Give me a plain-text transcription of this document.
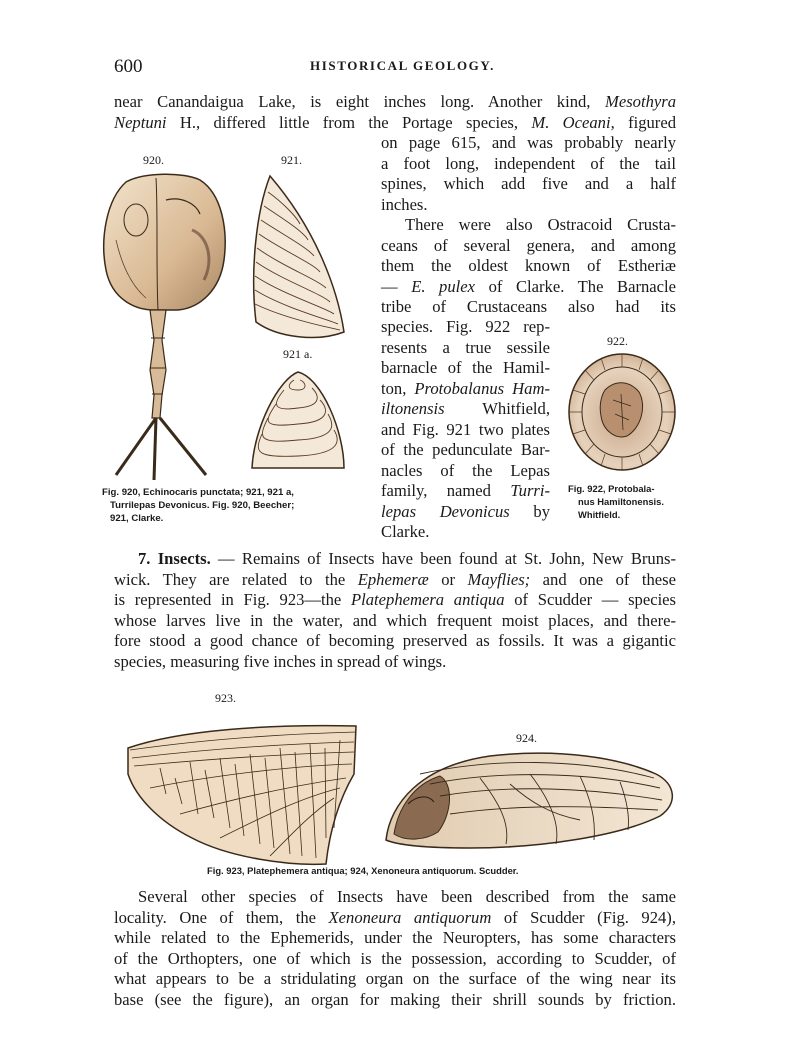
600	HISTORICAL GEOLOGY.
920.	921.
921 a.
922.
923.
924.
Fig. 920, Echinocaris punctata; 921, 921 a,
Turrilepas Devonicus. Fig. 920, Beecher;
921, Clarke.
Fig. 922, Protobala-
nus Hamiltonensis.
Whitfield.
Fig. 923, Platephemera antiqua; 924, Xenoneura antiquorum. Scudder.
near Canandaigua Lake, is eight inches long. Another kind, Mesothyra
Neptuni H., differed little from the Portage species, M. Oceani, figured
on page 615, and was probably nearly
a foot long, independent of the tail
spines, which add five and a half
inches.
There were also Ostracoid Crusta-
ceans of several genera, and among
them the oldest known of Estheriæ
— E. pulex of Clarke. The Barnacle
tribe of Crustaceans also had its
species. Fig. 922 rep-
resents a true sessile
barnacle of the Hamil-
ton, Protobalanus Ham-
iltonensis Whitfield,
and Fig. 921 two plates
of the pedunculate Bar-
nacles of the Lepas
family, named Turri-
lepas Devonicus by
Clarke.
7. Insects. — Remains of Insects have been found at St. John, New Bruns-
wick. They are related to the Ephemeræ or Mayflies; and one of these
is represented in Fig. 923—the Platephemera antiqua of Scudder — species
whose larves live in the water, and which frequent moist places, and there-
fore stood a good chance of becoming preserved as fossils. It was a gigantic
species, measuring five inches in spread of wings.
Several other species of Insects have been described from the same
locality. One of them, the Xenoneura antiquorum of Scudder (Fig. 924),
while related to the Ephemerids, under the Neuropters, has some characters
of the Orthopters, one of which is the possession, according to Scudder, of
what appears to be a stridulating organ on the surface of the wing near its
base (see the figure), an organ for making their shrill sounds by friction.
